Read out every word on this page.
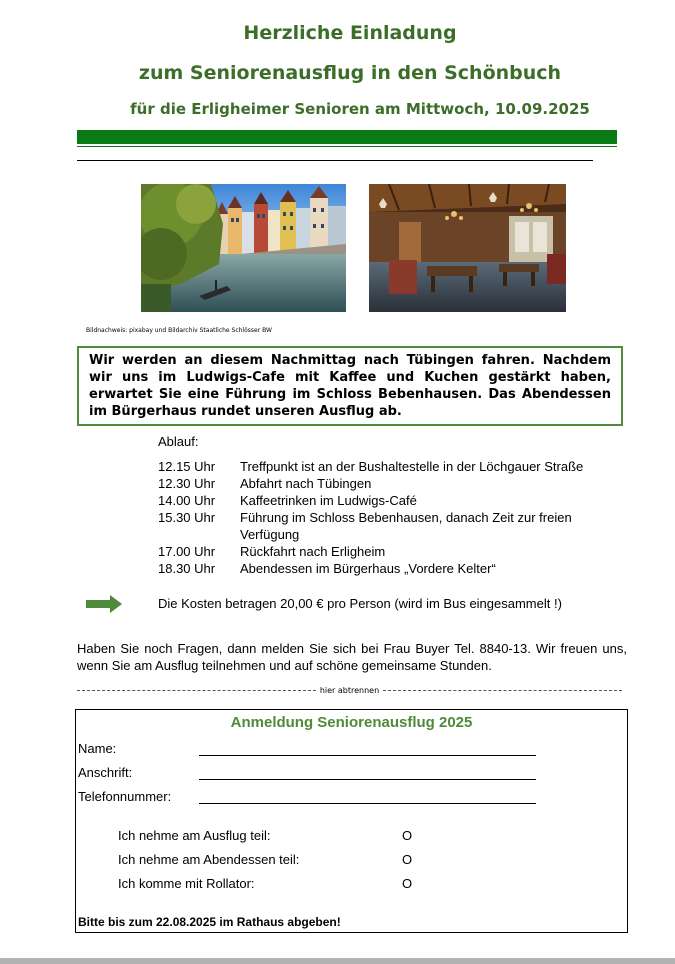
Herzliche Einladung
zum Seniorenausflug in den Schönbuch
für die Erligheimer Senioren am Mittwoch, 10.09.2025
Bildnachweis: pixabay und Bildarchiv Staatliche Schlösser BW
Wir werden an diesem Nachmittag nach Tübingen fahren. Nachdem wir uns im Ludwigs-Cafe mit Kaffee und Kuchen gestärkt haben, erwartet Sie eine Führung im Schloss Bebenhausen. Das Abendessen im Bürgerhaus rundet unseren Ausflug ab.
Ablauf:
12.15 Uhr	Treffpunkt ist an der Bushaltestelle in der Löchgauer Straße
12.30 Uhr	Abfahrt nach Tübingen
14.00 Uhr	Kaffeetrinken im Ludwigs-Café
15.30 Uhr	Führung im Schloss Bebenhausen, danach Zeit zur freien Verfügung
17.00 Uhr	Rückfahrt nach Erligheim
18.30 Uhr	Abendessen im Bürgerhaus „Vordere Kelter“
Die Kosten betragen 20,00 € pro Person (wird im Bus eingesammelt !)
Haben Sie noch Fragen, dann melden Sie sich bei Frau Buyer Tel. 8840-13. Wir freuen uns, wenn Sie am Ausflug teilnehmen und auf schöne gemeinsame Stunden.
hier abtrennen
Anmeldung Seniorenausflug 2025
Name:
Anschrift:
Telefonnummer:
Ich nehme am Ausflug teil:	O
Ich nehme am Abendessen teil:	O
Ich komme mit Rollator:	O
Bitte bis zum 22.08.2025 im Rathaus abgeben!
